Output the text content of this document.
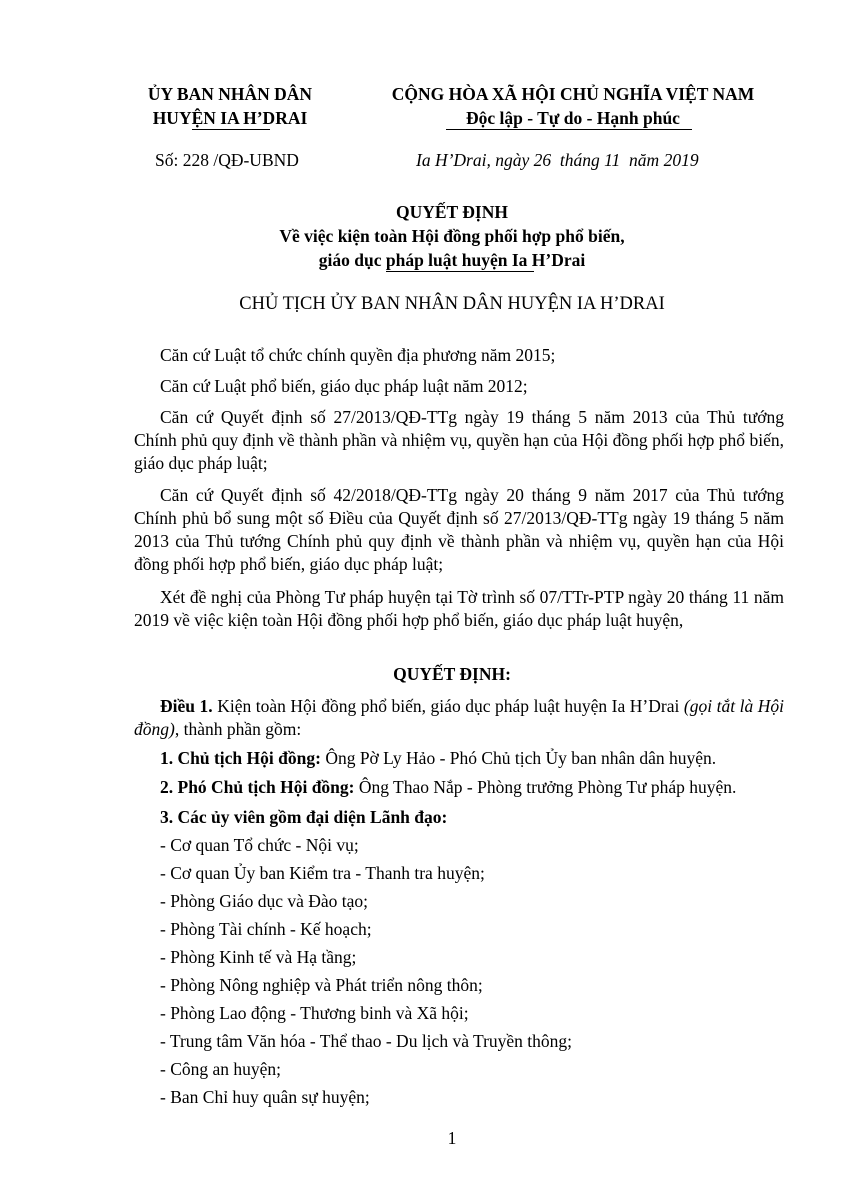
ỦY BAN NHÂN DÂN
HUYỆN IA H’DRAI
CỘNG HÒA XÃ HỘI CHỦ NGHĨA VIỆT NAM
Độc lập - Tự do - Hạnh phúc
Số: 228 /QĐ-UBND	Ia H’Drai, ngày 26  tháng 11  năm 2019
QUYẾT ĐỊNH
Về việc kiện toàn Hội đồng phối hợp phổ biến,
giáo dục pháp luật huyện Ia H’Drai
CHỦ TỊCH ỦY BAN NHÂN DÂN HUYỆN IA H’DRAI
Căn cứ Luật tổ chức chính quyền địa phương năm 2015;
Căn cứ Luật phổ biến, giáo dục pháp luật năm 2012;
Căn cứ Quyết định số 27/2013/QĐ-TTg ngày 19 tháng 5 năm 2013 của Thủ tướng Chính phủ quy định về thành phần và nhiệm vụ, quyền hạn của Hội đồng phối hợp phổ biến, giáo dục pháp luật;
Căn cứ Quyết định số 42/2018/QĐ-TTg ngày 20 tháng 9 năm 2017 của Thủ tướng Chính phủ bổ sung một số Điều của Quyết định số 27/2013/QĐ-TTg ngày 19 tháng 5 năm 2013 của Thủ tướng Chính phủ quy định về thành phần và nhiệm vụ, quyền hạn của Hội đồng phối hợp phổ biến, giáo dục pháp luật;
Xét đề nghị của Phòng Tư pháp huyện tại Tờ trình số 07/TTr-PTP ngày 20 tháng 11 năm 2019 về việc kiện toàn Hội đồng phối hợp phổ biến, giáo dục pháp luật huyện,
QUYẾT ĐỊNH:
Điều 1. Kiện toàn Hội đồng phổ biến, giáo dục pháp luật huyện Ia H’Drai (gọi tắt là Hội đồng), thành phần gồm:
1. Chủ tịch Hội đồng: Ông Pờ Ly Hảo - Phó Chủ tịch Ủy ban nhân dân huyện.
2. Phó Chủ tịch Hội đồng: Ông Thao Nắp - Phòng trưởng Phòng Tư pháp huyện.
3. Các ủy viên gồm đại diện Lãnh đạo:
- Cơ quan Tổ chức - Nội vụ;
- Cơ quan Ủy ban Kiểm tra - Thanh tra huyện;
- Phòng Giáo dục và Đào tạo;
- Phòng Tài chính - Kế hoạch;
- Phòng Kinh tế và Hạ tầng;
- Phòng Nông nghiệp và Phát triển nông thôn;
- Phòng Lao động - Thương binh và Xã hội;
- Trung tâm Văn hóa - Thể thao - Du lịch và Truyền thông;
- Công an huyện;
- Ban Chỉ huy quân sự huyện;
1
